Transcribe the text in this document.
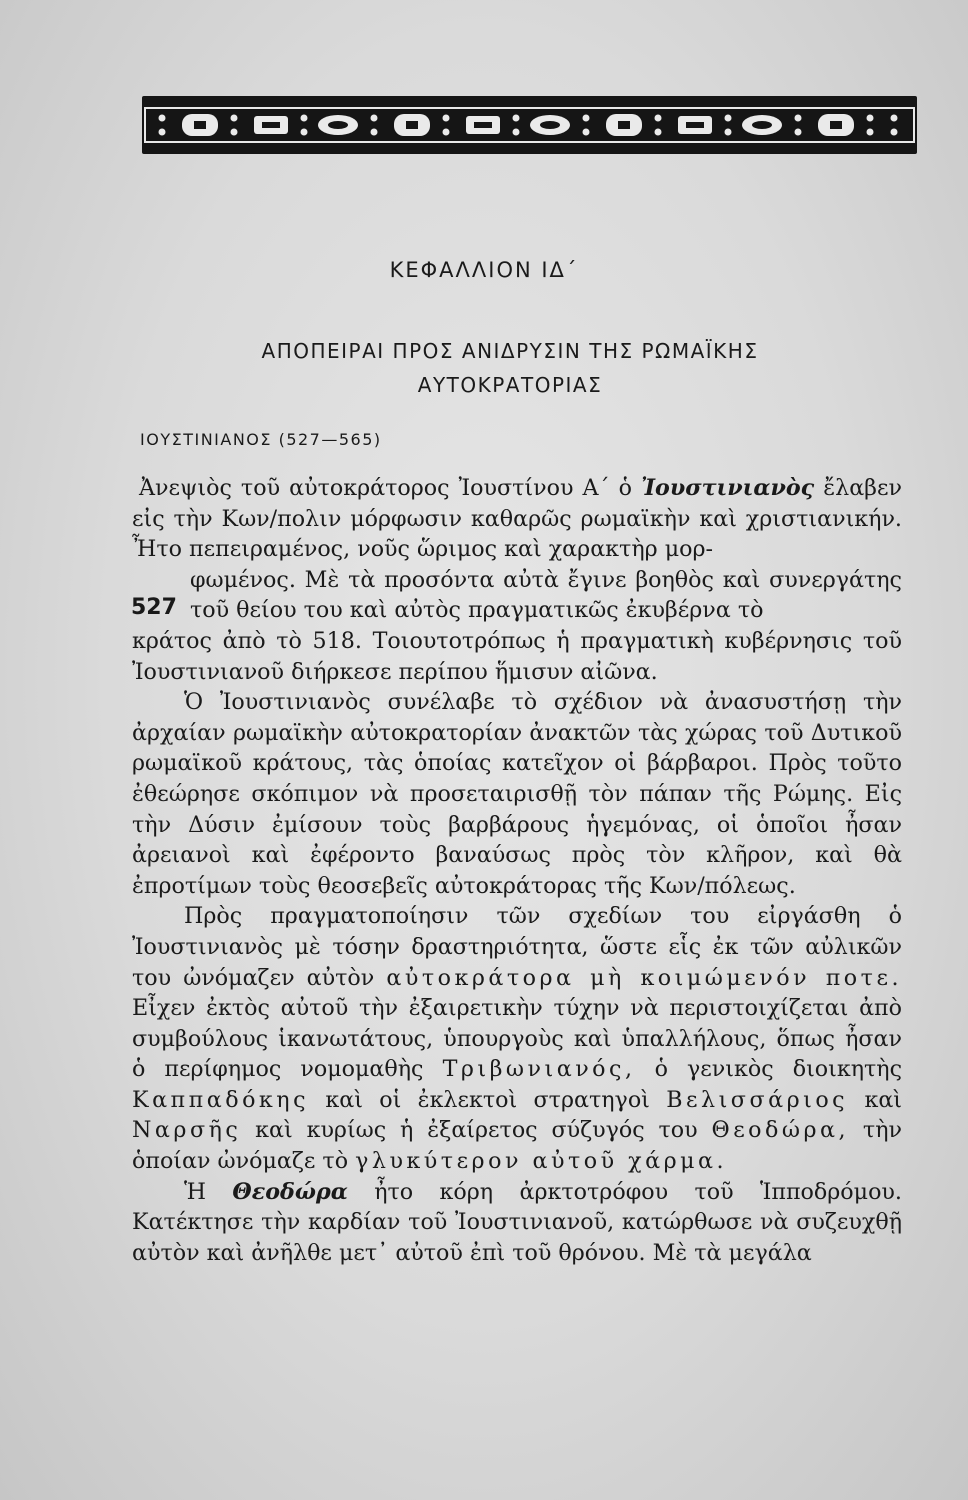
ΚΕΦΑΛΛΙΟΝ ΙΔ΄
ΑΠΟΠΕΙΡΑΙ ΠΡΟΣ ΑΝΙΔΡΥΣΙΝ ΤΗΣ ΡΩΜΑΪΚΗΣ
ΑΥΤΟΚΡΑΤΟΡΙΑΣ
ΙΟΥΣΤΙΝΙΑΝΟΣ (527—565)
527

Ἀνεψιὸς τοῦ αὐτοκράτορος Ἰουστίνου Α΄ ὁ Ἰουστινιανὸς ἔλαβεν εἰς τὴν Κων/πολιν μόρφωσιν καθαρῶς ρωμαϊκὴν καὶ χριστιανικήν. Ἦτο πεπειραμένος, νοῦς ὥριμος καὶ χαρακτὴρ μορ-

φωμένος. Μὲ τὰ προσόντα αὐτὰ ἔγινε βοηθὸς καὶ συνεργάτης τοῦ θείου του καὶ αὐτὸς πραγματικῶς ἐκυβέρνα τὸ

κράτος ἀπὸ τὸ 518. Τοιουτοτρόπως ἡ πραγματικὴ κυβέρνησις τοῦ Ἰουστινιανοῦ διήρκεσε περίπου ἥμισυν αἰῶνα.

Ὁ Ἰουστινιανὸς συνέλαβε τὸ σχέδιον νὰ ἀνασυστήσῃ τὴν ἀρχαίαν ρωμαϊκὴν αὐτοκρατορίαν ἀνακτῶν τὰς χώρας τοῦ Δυτικοῦ ρωμαϊκοῦ κράτους, τὰς ὁποίας κατεῖχον οἱ βάρβαροι. Πρὸς τοῦτο ἐθεώρησε σκόπιμον νὰ προσεταιρισθῇ τὸν πάπαν τῆς Ρώμης. Εἰς τὴν Δύσιν ἐμίσουν τοὺς βαρβάρους ἡγεμόνας, οἱ ὁποῖοι ἦσαν ἀρειανοὶ καὶ ἐφέροντο βαναύσως πρὸς τὸν κλῆρον, καὶ θὰ ἐπροτίμων τοὺς θεοσεβεῖς αὐτοκράτορας τῆς Κων/πόλεως.

Πρὸς πραγματοποίησιν τῶν σχεδίων του εἰργάσθη ὁ Ἰουστινιανὸς μὲ τόσην δραστηριότητα, ὥστε εἷς ἐκ τῶν αὐλικῶν του ὠνόμαζεν αὐτὸν αὐτοκράτορα μὴ κοιμώμενόν ποτε. Εἶχεν ἐκτὸς αὐτοῦ τὴν ἐξαιρετικὴν τύχην νὰ περιστοιχίζεται ἀπὸ συμβούλους ἱκανωτάτους, ὑπουργοὺς καὶ ὑπαλλήλους, ὅπως ἦσαν ὁ περίφημος νομομαθὴς Τριβωνιανός, ὁ γενικὸς διοικητὴς Καππαδόκης καὶ οἱ ἐκλεκτοὶ στρατηγοὶ Βελισσάριος καὶ Ναρσῆς καὶ κυρίως ἡ ἐξαίρετος σύζυγός του Θεοδώρα, τὴν ὁποίαν ὠνόμαζε τὸ γλυκύτερον αὐτοῦ χάρμα.

Ἡ Θεοδώρα ἦτο κόρη ἀρκτοτρόφου τοῦ Ἱπποδρόμου. Κατέκτησε τὴν καρδίαν τοῦ Ἰουστινιανοῦ, κατώρθωσε νὰ συζευχθῇ αὐτὸν καὶ ἀνῆλθε μετ᾽ αὐτοῦ ἐπὶ τοῦ θρόνου. Μὲ τὰ μεγάλα
